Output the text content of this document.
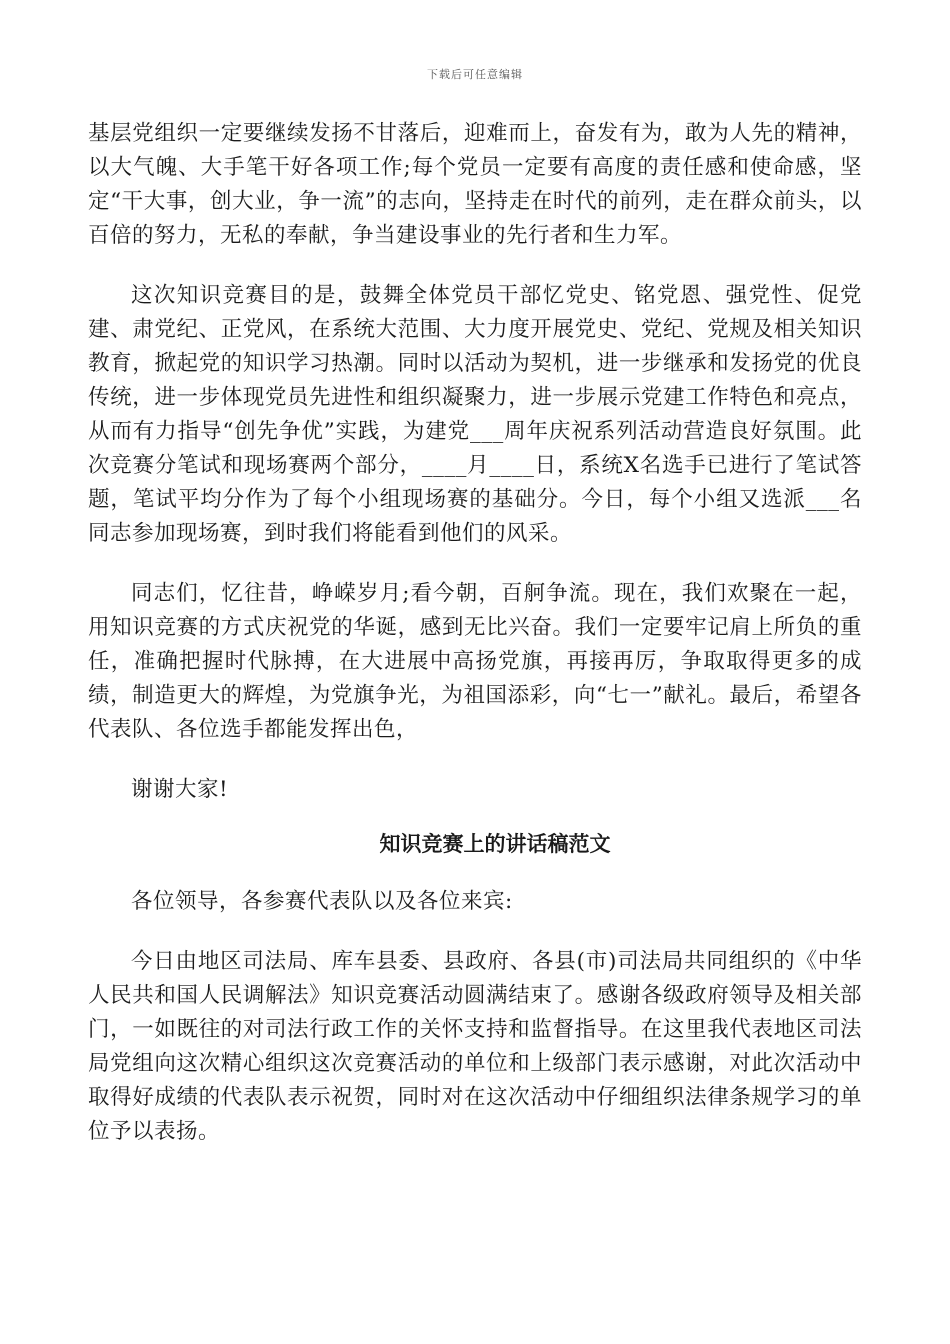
下载后可任意编辑

基层党组织一定要继续发扬不甘落后，迎难而上，奋发有为，敢为人先的精神，以大气魄、大手笔干好各项工作;每个党员一定要有高度的责任感和使命感，坚定“干大事，创大业，争一流”的志向，坚持走在时代的前列，走在群众前头，以百倍的努力，无私的奉献，争当建设事业的先行者和生力军。

这次知识竞赛目的是，鼓舞全体党员干部忆党史、铭党恩、强党性、促党建、肃党纪、正党风，在系统大范围、大力度开展党史、党纪、党规及相关知识教育，掀起党的知识学习热潮。同时以活动为契机，进一步继承和发扬党的优良传统，进一步体现党员先进性和组织凝聚力，进一步展示党建工作特色和亮点，从而有力指导“创先争优”实践，为建党___周年庆祝系列活动营造良好氛围。此次竞赛分笔试和现场赛两个部分，____月____日，系统X名选手已进行了笔试答题，笔试平均分作为了每个小组现场赛的基础分。今日，每个小组又选派___名同志参加现场赛，到时我们将能看到他们的风采。

同志们，忆往昔，峥嵘岁月;看今朝，百舸争流。现在，我们欢聚在一起，用知识竞赛的方式庆祝党的华诞，感到无比兴奋。我们一定要牢记肩上所负的重任，准确把握时代脉搏，在大进展中高扬党旗，再接再厉，争取取得更多的成绩，制造更大的辉煌，为党旗争光，为祖国添彩，向“七一”献礼。最后，希望各代表队、各位选手都能发挥出色，

谢谢大家!

知识竞赛上的讲话稿范文

各位领导，各参赛代表队以及各位来宾:

今日由地区司法局、库车县委、县政府、各县(市)司法局共同组织的《中华人民共和国人民调解法》知识竞赛活动圆满结束了。感谢各级政府领导及相关部门，一如既往的对司法行政工作的关怀支持和监督指导。在这里我代表地区司法局党组向这次精心组织这次竞赛活动的单位和上级部门表示感谢，对此次活动中取得好成绩的代表队表示祝贺，同时对在这次活动中仔细组织法律条规学习的单位予以表扬。
